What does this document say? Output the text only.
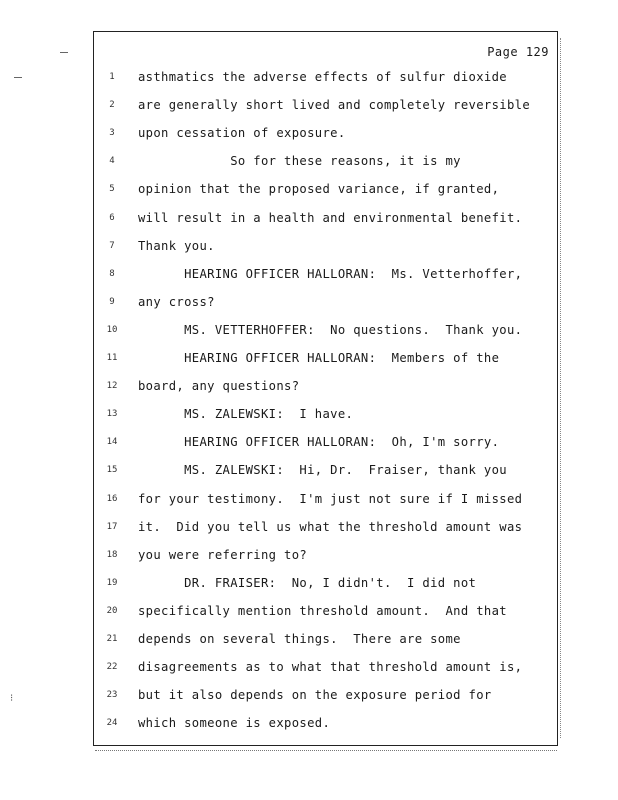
Page 129
1	asthmatics the adverse effects of sulfur dioxide
2	are generally short lived and completely reversible
3	upon cessation of exposure.
4	So for these reasons, it is my
5	opinion that the proposed variance, if granted,
6	will result in a health and environmental benefit.
7	Thank you.
8	HEARING OFFICER HALLORAN:  Ms. Vetterhoffer,
9	any cross?
10 MS. VETTERHOFFER:  No questions.  Thank you.
11 HEARING OFFICER HALLORAN:  Members of the
12 board, any questions?
13 MS. ZALEWSKI:  I have.
14 HEARING OFFICER HALLORAN:  Oh, I'm sorry.
15 MS. ZALEWSKI:  Hi, Dr.  Fraiser, thank you
16 for your testimony.  I'm just not sure if I missed
17 it.  Did you tell us what the threshold amount was
18 you were referring to?
19 DR. FRAISER:  No, I didn't.  I did not
20 specifically mention threshold amount.  And that
21 depends on several things.  There are some
22 disagreements as to what that threshold amount is,
23 but it also depends on the exposure period for
24 which someone is exposed.
⁝
